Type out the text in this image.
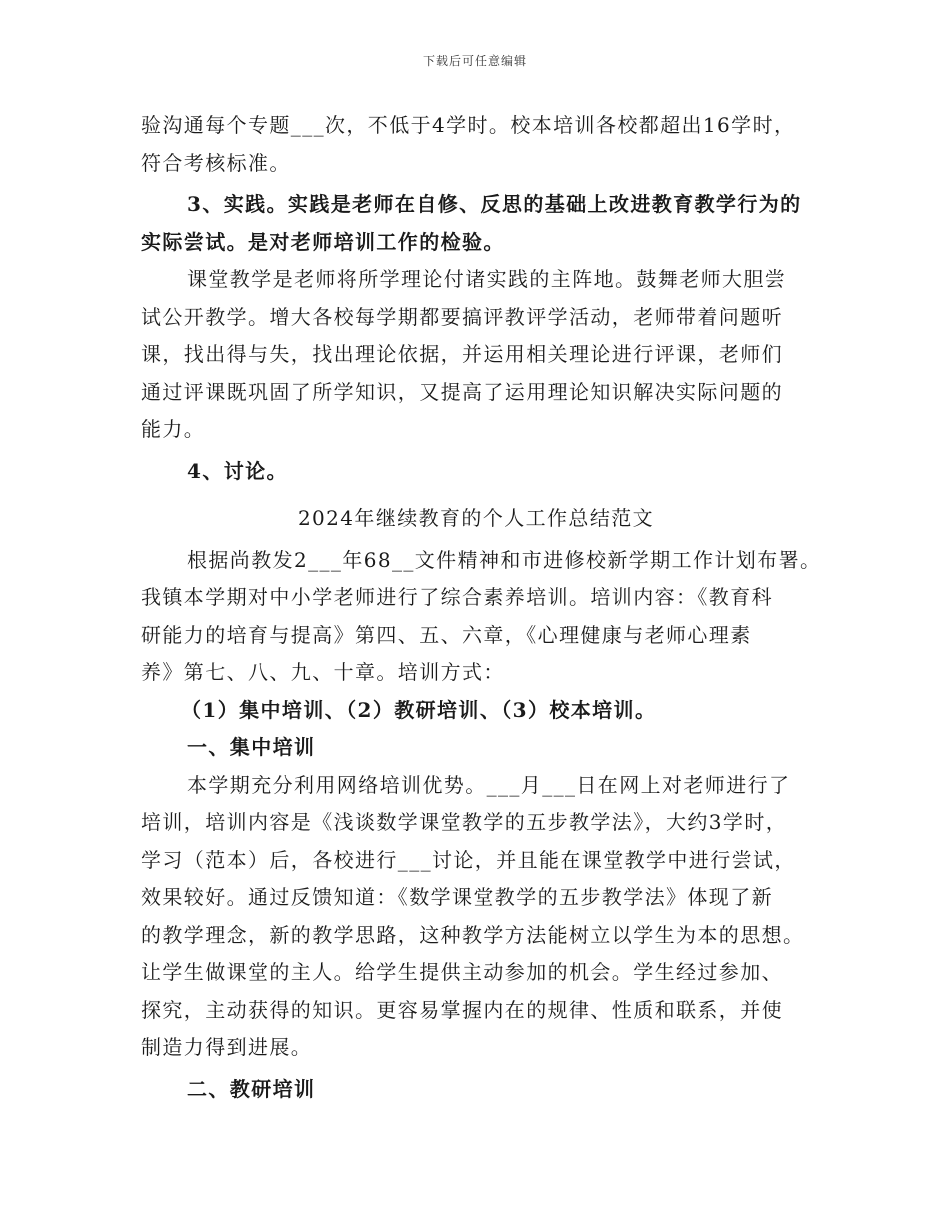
下载后可任意编辑
验沟通每个专题___次，不低于4学时。校本培训各校都超出16学时，
符合考核标准。
3、实践。实践是老师在自修、反思的基础上改进教育教学行为的
实际尝试。是对老师培训工作的检验。
课堂教学是老师将所学理论付诸实践的主阵地。鼓舞老师大胆尝
试公开教学。增大各校每学期都要搞评教评学活动，老师带着问题听
课，找出得与失，找出理论依据，并运用相关理论进行评课，老师们
通过评课既巩固了所学知识，又提高了运用理论知识解决实际问题的
能力。
4、讨论。
2024年继续教育的个人工作总结范文
根据尚教发2___年68__文件精神和市进修校新学期工作计划布署。
我镇本学期对中小学老师进行了综合素养培训。培训内容：《教育科
研能力的培育与提高》第四、五、六章，《心理健康与老师心理素
养》第七、八、九、十章。培训方式：
（1）集中培训、（2）教研培训、（3）校本培训。
一、集中培训
本学期充分利用网络培训优势。___月___日在网上对老师进行了
培训，培训内容是《浅谈数学课堂教学的五步教学法》，大约3学时，
学习（范本）后，各校进行___讨论，并且能在课堂教学中进行尝试，
效果较好。通过反馈知道：《数学课堂教学的五步教学法》体现了新
的教学理念，新的教学思路，这种教学方法能树立以学生为本的思想。
让学生做课堂的主人。给学生提供主动参加的机会。学生经过参加、
探究，主动获得的知识。更容易掌握内在的规律、性质和联系，并使
制造力得到进展。
二、教研培训
